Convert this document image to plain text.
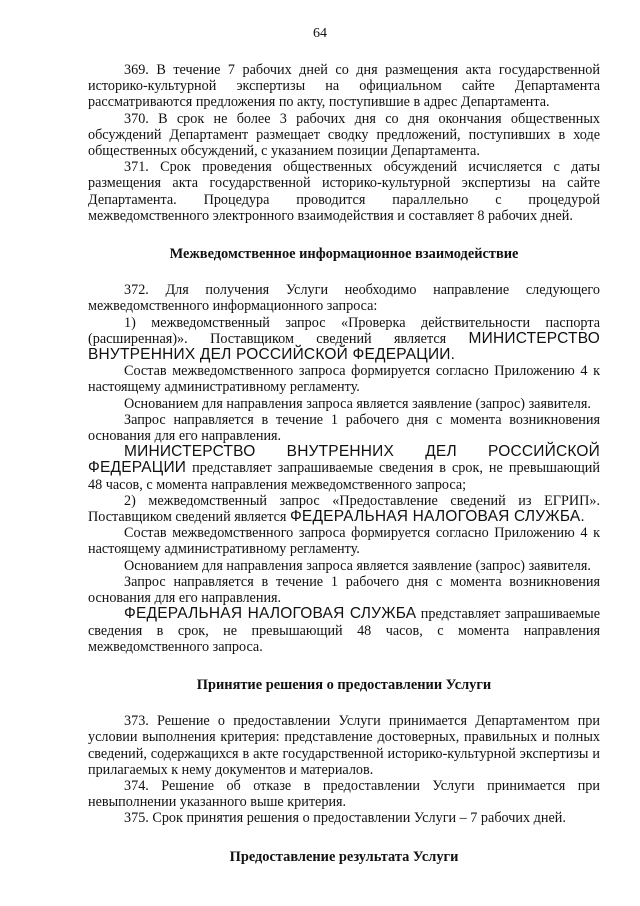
64

369. В течение 7 рабочих дней со дня размещения акта государственной историко-культурной экспертизы на официальном сайте Департамента рассматриваются предложения по акту, поступившие в адрес Департамента.

370. В срок не более 3 рабочих дня со дня окончания общественных обсуждений Департамент размещает сводку предложений, поступивших в ходе общественных обсуждений, с указанием позиции Департамента.

371. Срок проведения общественных обсуждений исчисляется с даты размещения акта государственной историко-культурной экспертизы на сайте Департамента. Процедура проводится параллельно с процедурой межведомственного электронного взаимодействия и составляет 8 рабочих дней.

Межведомственное информационное взаимодействие

372. Для получения Услуги необходимо направление следующего межведомственного информационного запроса:

1) межведомственный запрос «Проверка действительности паспорта (расширенная)». Поставщиком сведений является МИНИСТЕРСТВО ВНУТРЕННИХ ДЕЛ РОССИЙСКОЙ ФЕДЕРАЦИИ.

Состав межведомственного запроса формируется согласно Приложению 4 к настоящему административному регламенту.

Основанием для направления запроса является заявление (запрос) заявителя.

Запрос направляется в течение 1 рабочего дня с момента возникновения основания для его направления.

МИНИСТЕРСТВО ВНУТРЕННИХ ДЕЛ РОССИЙСКОЙ ФЕДЕРАЦИИ представляет запрашиваемые сведения в срок, не превышающий 48 часов, с момента направления межведомственного запроса;

2) межведомственный запрос «Предоставление сведений из ЕГРИП». Поставщиком сведений является ФЕДЕРАЛЬНАЯ НАЛОГОВАЯ СЛУЖБА.

Состав межведомственного запроса формируется согласно Приложению 4 к настоящему административному регламенту.

Основанием для направления запроса является заявление (запрос) заявителя.

Запрос направляется в течение 1 рабочего дня с момента возникновения основания для его направления.

ФЕДЕРАЛЬНАЯ НАЛОГОВАЯ СЛУЖБА представляет запрашиваемые сведения в срок, не превышающий 48 часов, с момента направления межведомственного запроса.

Принятие решения о предоставлении Услуги

373. Решение о предоставлении Услуги принимается Департаментом при условии выполнения критерия: представление достоверных, правильных и полных сведений, содержащихся в акте государственной историко-культурной экспертизы и прилагаемых к нему документов и материалов.

374. Решение об отказе в предоставлении Услуги принимается при невыполнении указанного выше критерия.

375. Срок принятия решения о предоставлении Услуги – 7 рабочих дней.

Предоставление результата Услуги
